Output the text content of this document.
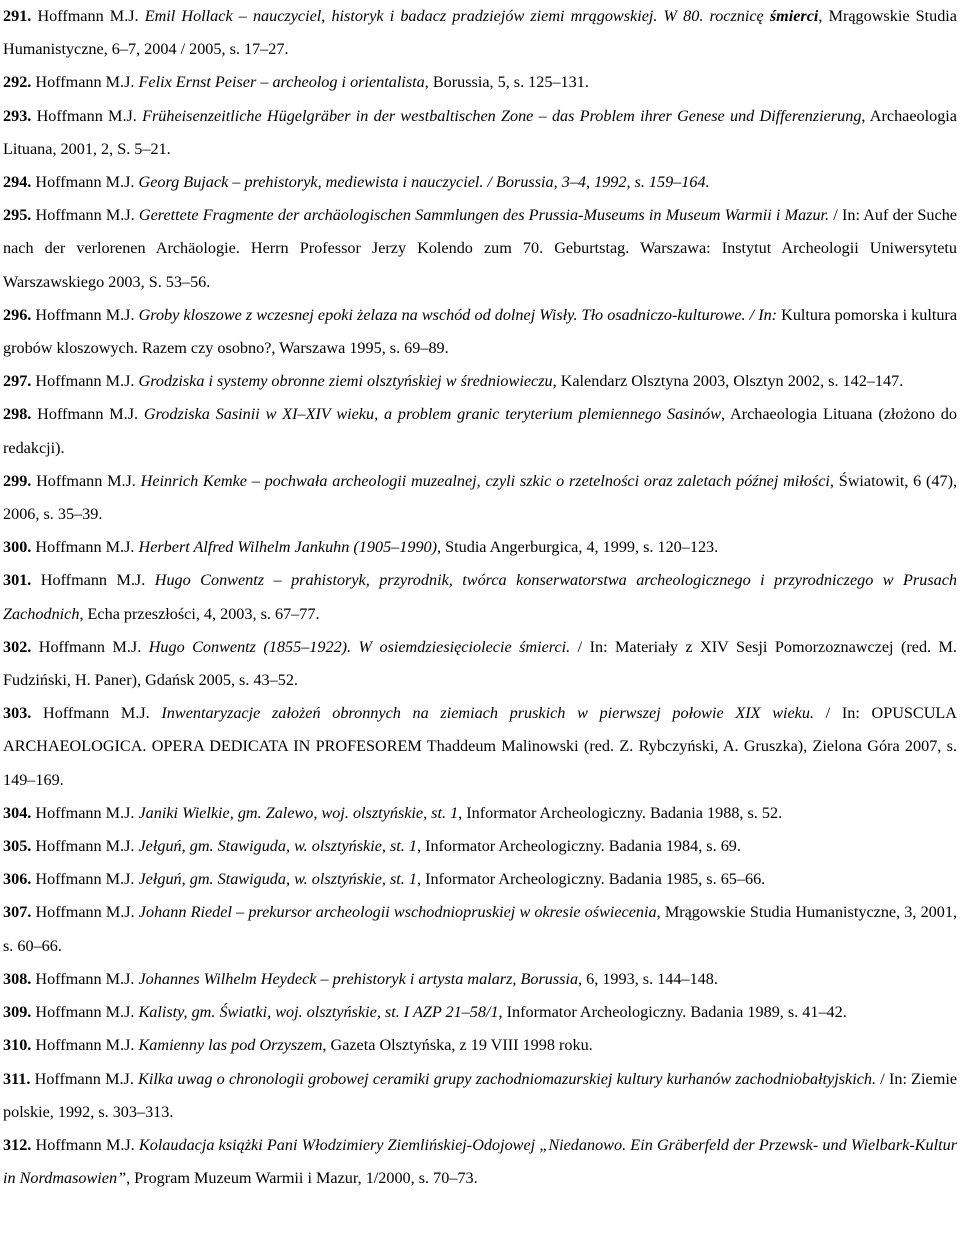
291. Hoffmann M.J. Emil Hollack – nauczyciel, historyk i badacz pradziejów ziemi mrągowskiej. W 80. rocznicę śmierci, Mrągowskie Studia Humanistyczne, 6–7, 2004 / 2005, s. 17–27.

292. Hoffmann M.J. Felix Ernst Peiser – archeolog i orientalista, Borussia, 5, s. 125–131.

293. Hoffmann M.J. Früheisenzeitliche Hügelgräber in der westbaltischen Zone – das Problem ihrer Genese und Differenzierung, Archaeologia Lituana, 2001, 2, S. 5–21.

294. Hoffmann M.J. Georg Bujack – prehistoryk, mediewista i nauczyciel. / Borussia, 3–4, 1992, s. 159–164.

295. Hoffmann M.J. Gerettete Fragmente der archäologischen Sammlungen des Prussia-Museums in Museum Warmii i Mazur. / In: Auf der Suche nach der verlorenen Archäologie. Herrn Professor Jerzy Kolendo zum 70. Geburtstag. Warszawa: Instytut Archeologii Uniwersytetu Warszawskiego 2003, S. 53–56.

296. Hoffmann M.J. Groby kloszowe z wczesnej epoki żelaza na wschód od dolnej Wisły. Tło osadniczo-kulturowe. / In: Kultura pomorska i kultura grobów kloszowych. Razem czy osobno?, Warszawa 1995, s. 69–89.

297. Hoffmann M.J. Grodziska i systemy obronne ziemi olsztyńskiej w średniowieczu, Kalendarz Olsztyna 2003, Olsztyn 2002, s. 142–147.

298. Hoffmann M.J. Grodziska Sasinii w XI–XIV wieku, a problem granic teryterium plemiennego Sasinów, Archaeologia Lituana (złożono do redakcji).

299. Hoffmann M.J. Heinrich Kemke – pochwała archeologii muzealnej, czyli szkic o rzetelności oraz zaletach późnej miłości, Światowit, 6 (47), 2006, s. 35–39.

300. Hoffmann M.J. Herbert Alfred Wilhelm Jankuhn (1905–1990), Studia Angerburgica, 4, 1999, s. 120–123.

301. Hoffmann M.J. Hugo Conwentz – prahistoryk, przyrodnik, twórca konserwatorstwa archeologicznego i przyrodniczego w Prusach Zachodnich, Echa przeszłości, 4, 2003, s. 67–77.

302. Hoffmann M.J. Hugo Conwentz (1855–1922). W osiemdziesięciolecie śmierci. / In: Materiały z XIV Sesji Pomorzoznawczej (red. M. Fudziński, H. Paner), Gdańsk 2005, s. 43–52.

303. Hoffmann M.J. Inwentaryzacje założeń obronnych na ziemiach pruskich w pierwszej połowie XIX wieku. / In: OPUSCULA ARCHAEOLOGICA. OPERA DEDICATA IN PROFESOREM Thaddeum Malinowski (red. Z. Rybczyński, A. Gruszka), Zielona Góra 2007, s. 149–169.

304. Hoffmann M.J. Janiki Wielkie, gm. Zalewo, woj. olsztyńskie, st. 1, Informator Archeologiczny. Badania 1988, s. 52.

305. Hoffmann M.J. Jełguń, gm. Stawiguda, w. olsztyńskie, st. 1, Informator Archeologiczny. Badania 1984, s. 69.

306. Hoffmann M.J. Jełguń, gm. Stawiguda, w. olsztyńskie, st. 1, Informator Archeologiczny. Badania 1985, s. 65–66.

307. Hoffmann M.J. Johann Riedel – prekursor archeologii wschodniopruskiej w okresie oświecenia, Mrągowskie Studia Humanistyczne, 3, 2001, s. 60–66.

308. Hoffmann M.J. Johannes Wilhelm Heydeck – prehistoryk i artysta malarz, Borussia, 6, 1993, s. 144–148.

309. Hoffmann M.J. Kalisty, gm. Światki, woj. olsztyńskie, st. I AZP 21–58/1, Informator Archeologiczny. Badania 1989, s. 41–42.

310. Hoffmann M.J. Kamienny las pod Orzyszem, Gazeta Olsztyńska, z 19 VIII 1998 roku.

311. Hoffmann M.J. Kilka uwag o chronologii grobowej ceramiki grupy zachodniomazurskiej kultury kurhanów zachodniobałtyjskich. / In: Ziemie polskie, 1992, s. 303–313.

312. Hoffmann M.J. Kolaudacja książki Pani Włodzimiery Ziemlińskiej-Odojowej „Niedanowo. Ein Gräberfeld der Przewsk- und Wielbark-Kultur in Nordmasowien”, Program Muzeum Warmii i Mazur, 1/2000, s. 70–73.
